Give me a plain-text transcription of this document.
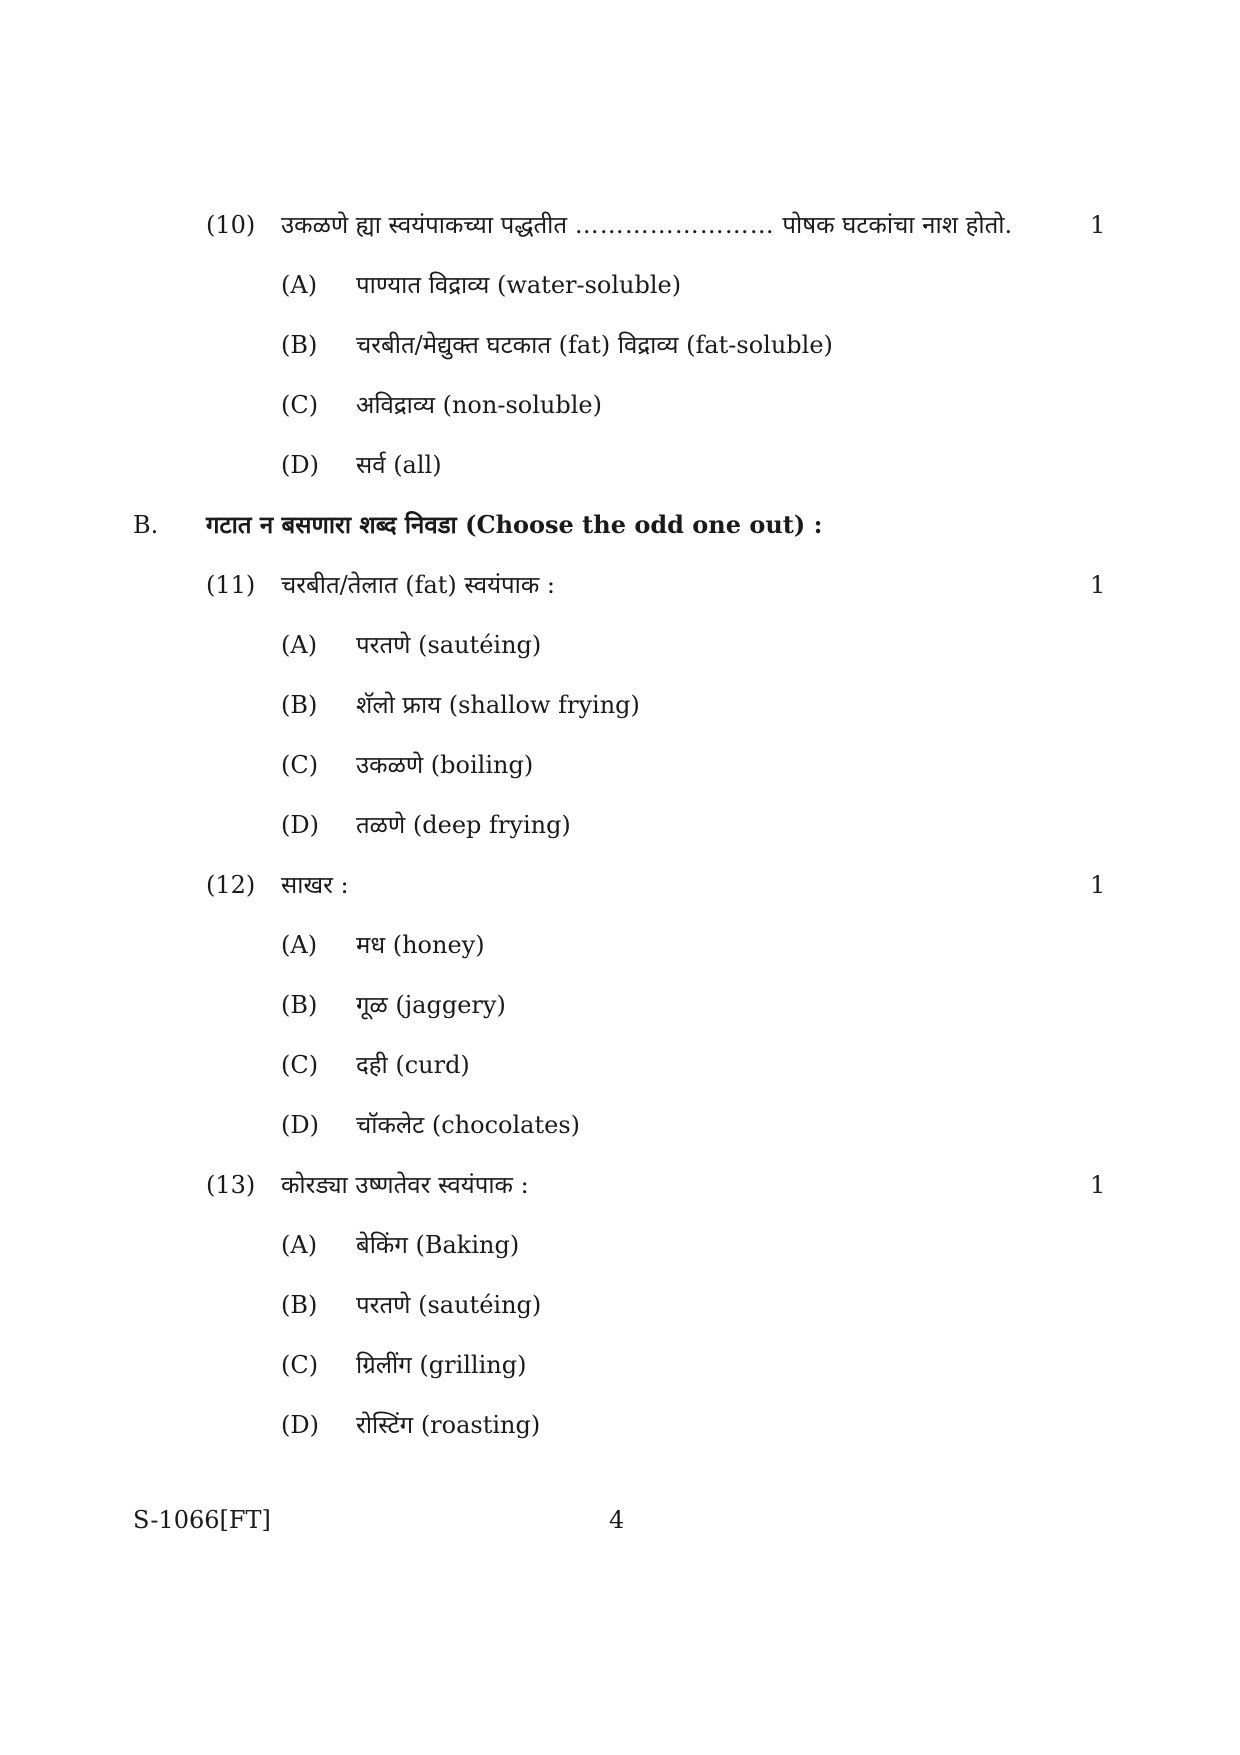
(10) उकळणे ह्या स्वयंपाकच्या पद्धतीत …………………… पोषक घटकांचा नाश होतो.	1
(A) पाण्यात विद्राव्य (water-soluble)
(B) चरबीत/मेद्युक्त घटकात (fat) विद्राव्य (fat-soluble)
(C) अविद्राव्य (non-soluble)
(D) सर्व (all)
B. गटात न बसणारा शब्द निवडा (Choose the odd one out) :
(11) चरबीत/तेलात (fat) स्वयंपाक :	1
(A) परतणे (sautéing)
(B) शॅलो फ्राय (shallow frying)
(C) उकळणे (boiling)
(D) तळणे (deep frying)
(12) साखर :	1
(A) मध (honey)
(B) गूळ (jaggery)
(C) दही (curd)
(D) चॉकलेट (chocolates)
(13) कोरड्या उष्णतेवर स्वयंपाक :	1
(A) बेकिंग (Baking)
(B) परतणे (sautéing)
(C) ग्रिलींग (grilling)
(D) रोस्टिंग (roasting)
S-1066[FT]	4
